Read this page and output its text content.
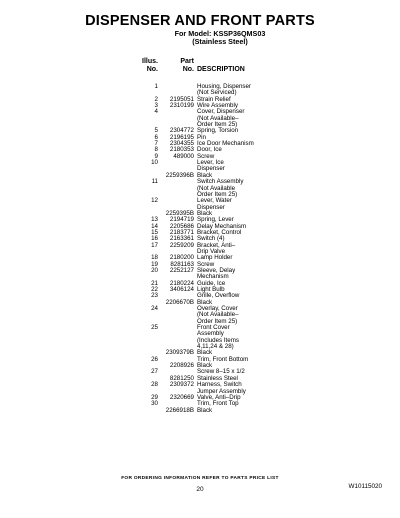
DISPENSER AND FRONT PARTS
For Model: KSSP36QMS03
(Stainless Steel)
Illus.
No.
Part
No. DESCRIPTION
1	Housing, Dispenser
(Not Serviced)
2 2195051 Strain Relief
3 2310199 Wire Assembly
4	Cover, Dispenser
(Not Available–
Order Item 25)
5 2304772 Spring, Torsion
6 2196195 Pin
7 2304355 Ice Door Mechanism
8 2180353 Door, Ice
9 489000 Screw
10	Lever, Ice
Dispenser
2259396B Black
11	Switch Assembly
(Not Available
Order Item 25)
12	Lever, Water
Dispenser
2259395B Black
13 2194719 Spring, Lever
14 2205686 Delay Mechanism
15 2183771 Bracket, Control
16 2163361 Switch (4)
17 2259209 Bracket, Anti–
Drip Valve
18 2180200 Lamp Holder
19 8281163 Screw
20 2252127 Sleeve, Delay
Mechanism
21 2180224 Guide, Ice
22 3406124 Light Bulb
23	Grille, Overflow
2206670B Black
24	Overlay, Cover
(Not Available–
Order Item 25)
25	Front Cover
Assembly
(Includes Items
4,11,24 & 28)
2309379B Black
26	Trim, Front Bottom
2208926 Black
27	Screw 8–15 x 1/2
8281250 Stainless Steel
28 2309372 Harness, Switch
Jumper Assembly
29 2320669 Valve, Anti–Drip
30	Trim, Front Top
2266918B Black
FOR ORDERING INFORMATION REFER TO PARTS PRICE LIST
20	W10115020
